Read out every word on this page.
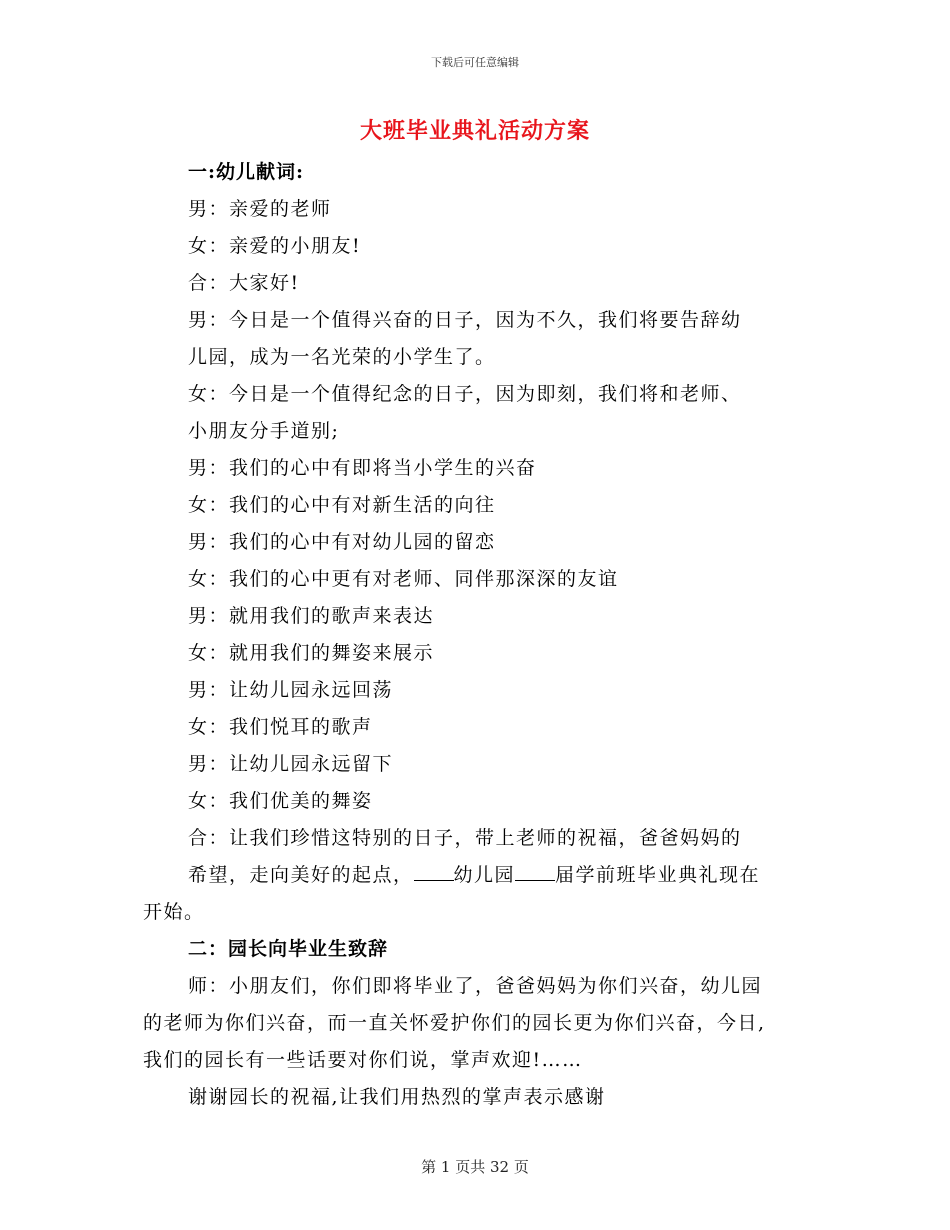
下载后可任意编辑
大班毕业典礼活动方案
一:幼儿献词:
男：亲爱的老师
女：亲爱的小朋友!
合：大家好!
男：今日是一个值得兴奋的日子，因为不久，我们将要告辞幼
儿园，成为一名光荣的小学生了。
女：今日是一个值得纪念的日子，因为即刻，我们将和老师、
小朋友分手道别;
男：我们的心中有即将当小学生的兴奋
女：我们的心中有对新生活的向往
男：我们的心中有对幼儿园的留恋
女：我们的心中更有对老师、同伴那深深的友谊
男：就用我们的歌声来表达
女：就用我们的舞姿来展示
男：让幼儿园永远回荡
女：我们悦耳的歌声
男：让幼儿园永远留下
女：我们优美的舞姿
合：让我们珍惜这特别的日子，带上老师的祝福，爸爸妈妈的
希望，走向美好的起点， 幼儿园 届学前班毕业典礼现在
开始。
二：园长向毕业生致辞
师：小朋友们，你们即将毕业了，爸爸妈妈为你们兴奋，幼儿园
的老师为你们兴奋，而一直关怀爱护你们的园长更为你们兴奋，今日,
我们的园长有一些话要对你们说，掌声欢迎!……
谢谢园长的祝福,让我们用热烈的掌声表示感谢
第 1 页共 32 页
